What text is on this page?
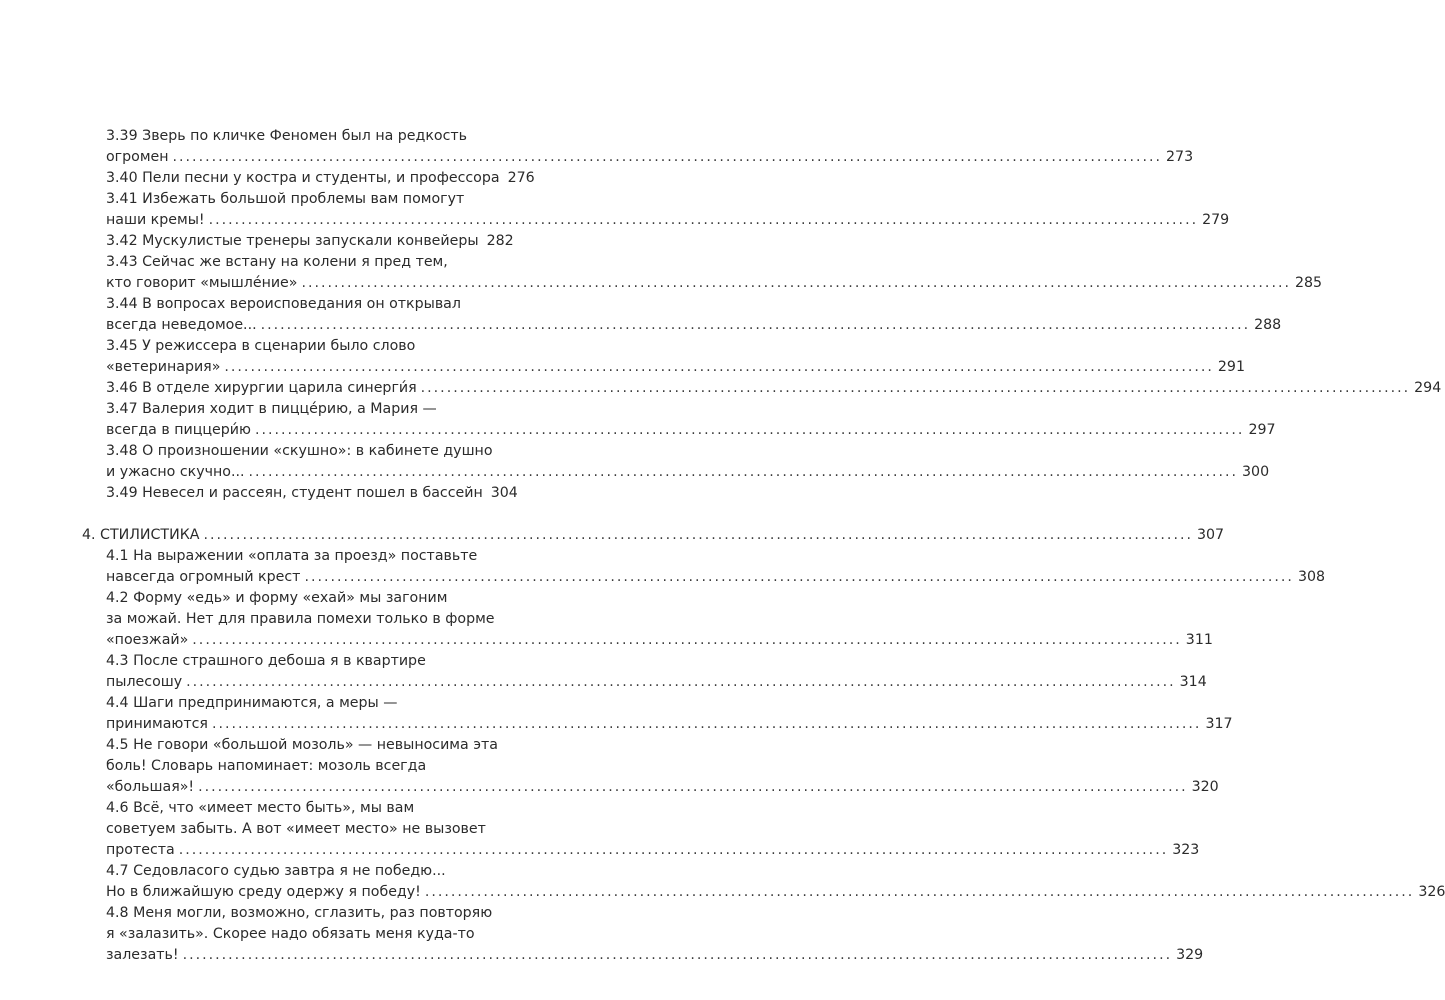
3.39 Зверь по кличке Феномен был на редкость
огромен .....	273
3.40 Пели песни у костра и студенты, и профессора 276
3.41 Избежать большой проблемы вам помогут
наши кремы! .....	279
3.42 Мускулистые тренеры запускали конвейеры 282
3.43 Сейчас же встану на колени я пред тем,
кто говорит «мышле́ние» .....	285
3.44 В вопросах вероисповедания он открывал
всегда неведомое... .....	288
3.45 У режиссера в сценарии было слово
«ветеринария» .....	291
3.46 В отделе хирургии царила синерги́я .....	294
3.47 Валерия ходит в пиццéрию, а Мария —
всегда в пиццери́ю .....	297
3.48 О произношении «скушно»: в кабинете душно
и ужасно скучно... .....	300
3.49 Невесел и рассеян, студент пошел в бассейн 304
4. СТИЛИСТИКА .....	307
4.1 На выражении «оплата за проезд» поставьте
навсегда огромный крест .....	308
4.2 Форму «едь» и форму «ехай» мы загоним
за можай. Нет для правила помехи только в форме
«поезжай» .....	311
4.3 После страшного дебоша я в квартире
пылесошу .....	314
4.4 Шаги предпринимаются, а меры —
принимаются .....	317
4.5 Не говори «большой мозоль» — невыносима эта
боль! Словарь напоминает: мозоль всегда
«большая»! .....	320
4.6 Всё, что «имеет место быть», мы вам
советуем забыть. А вот «имеет место» не вызовет
протеста .....	323
4.7 Седовласого судью завтра я не победю...
Но в ближайшую среду одержу я победу! .....	326
4.8 Меня могли, возможно, сглазить, раз повторяю
я «залазить». Скорее надо обязать меня куда-то
залезать! .....	329
